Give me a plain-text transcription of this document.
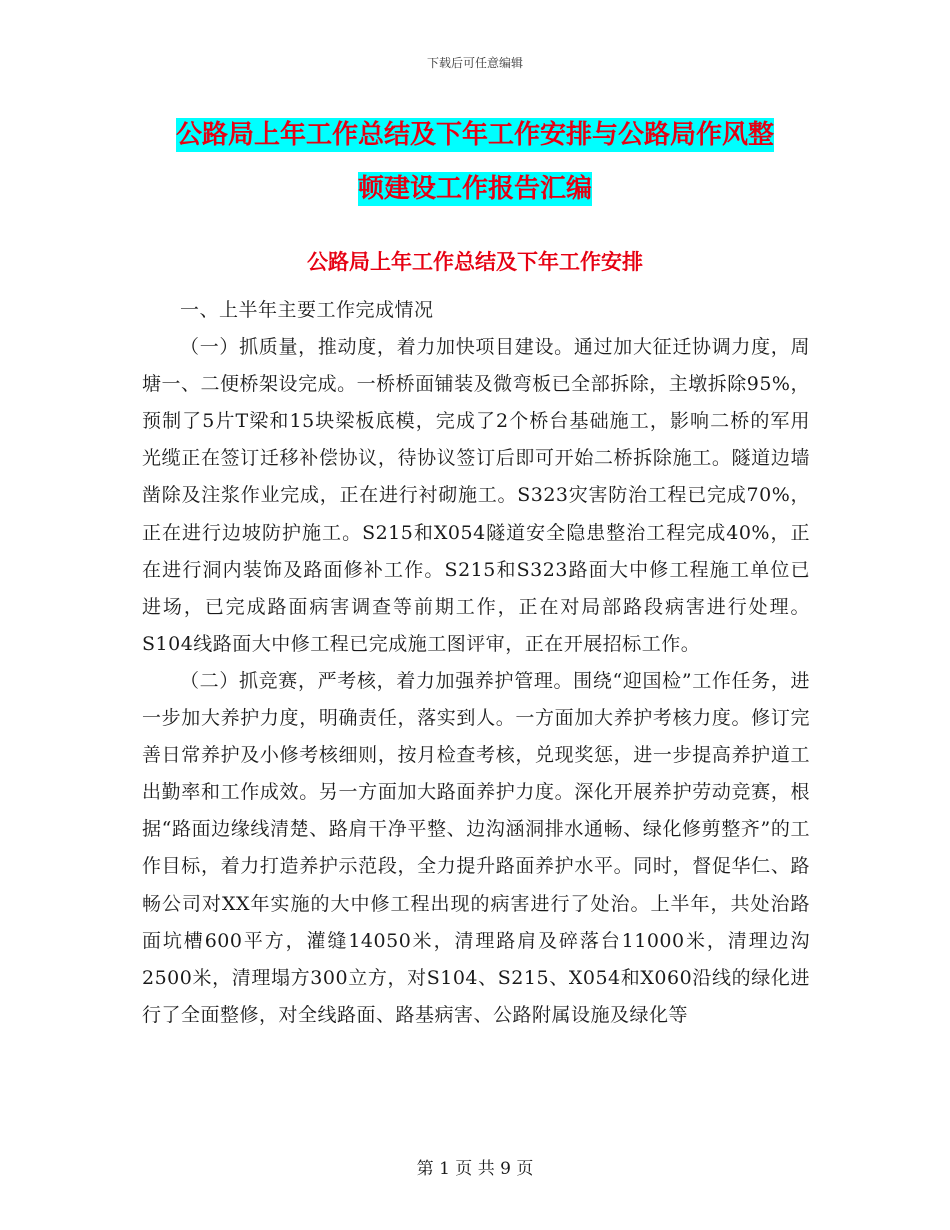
下载后可任意编辑
公路局上年工作总结及下年工作安排与公路局作风整
顿建设工作报告汇编
公路局上年工作总结及下年工作安排

一、上半年主要工作完成情况

（一）抓质量，推动度，着力加快项目建设。通过加大征迁协调力度，周塘一、二便桥架设完成。一桥桥面铺装及微弯板已全部拆除，主墩拆除95%，预制了5片T梁和15块梁板底模，完成了2个桥台基础施工，影响二桥的军用光缆正在签订迁移补偿协议，待协议签订后即可开始二桥拆除施工。隧道边墙凿除及注浆作业完成，正在进行衬砌施工。S323灾害防治工程已完成70%，正在进行边坡防护施工。S215和X054隧道安全隐患整治工程完成40%，正在进行洞内装饰及路面修补工作。S215和S323路面大中修工程施工单位已进场，已完成路面病害调查等前期工作，正在对局部路段病害进行处理。S104线路面大中修工程已完成施工图评审，正在开展招标工作。

（二）抓竞赛，严考核，着力加强养护管理。围绕“迎国检”工作任务，进一步加大养护力度，明确责任，落实到人。一方面加大养护考核力度。修订完善日常养护及小修考核细则，按月检查考核，兑现奖惩，进一步提高养护道工出勤率和工作成效。另一方面加大路面养护力度。深化开展养护劳动竞赛，根据“路面边缘线清楚、路肩干净平整、边沟涵洞排水通畅、绿化修剪整齐”的工作目标，着力打造养护示范段，全力提升路面养护水平。同时，督促华仁、路畅公司对XX年实施的大中修工程出现的病害进行了处治。上半年，共处治路面坑槽600平方，灌缝14050米，清理路肩及碎落台11000米，清理边沟2500米，清理塌方300立方，对S104、S215、X054和X060沿线的绿化进行了全面整修，对全线路面、路基病害、公路附属设施及绿化等

第 1 页 共 9 页
